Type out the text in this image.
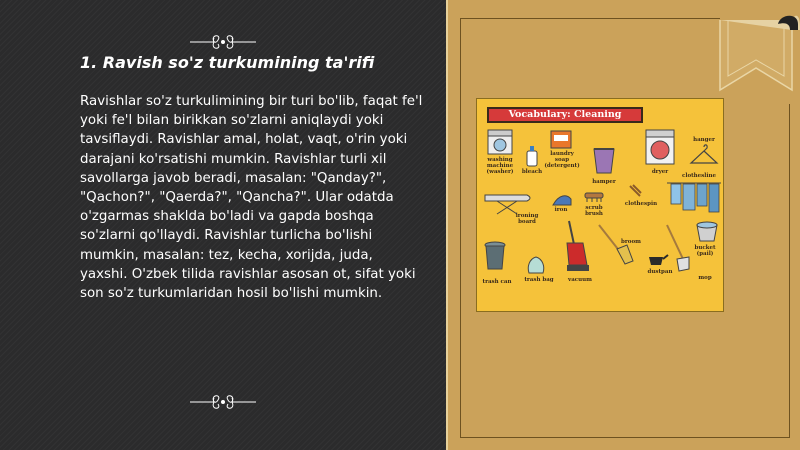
1. Ravish so'z turkumining ta'rifi

Ravishlar so'z turkulimining bir turi bo'lib, faqat fe'l yoki fe'l bilan birikkan so'zlarni aniqlaydi yoki tavsiflaydi. Ravishlar amal, holat, vaqt, o'rin yoki darajani ko'rsatishi mumkin. Ravishlar turli xil savollarga javob beradi, masalan: "Qanday?", "Qachon?", "Qaerda?", "Qancha?". Ular odatda o'zgarmas shaklda bo'ladi va gapda boshqa so'zlarni qo'llaydi. Ravishlar turlicha bo'lishi mumkin, masalan: tez, kecha, xorijda, juda, yaxshi. O'zbek tilida ravishlar asosan ot, sifat yoki son so'z turkumlaridan hosil bo'lishi mumkin.

Vocabulary: Cleaning
washing
machine
(washer)	bleach
laundry
soap
(detergent)
hamper
dryer
hanger
clothesline
ironing
board
iron	scrub
brush
clothespin
broom
bucket
(pail)
mop
trash can	trash bag	vacuum
dustpan
